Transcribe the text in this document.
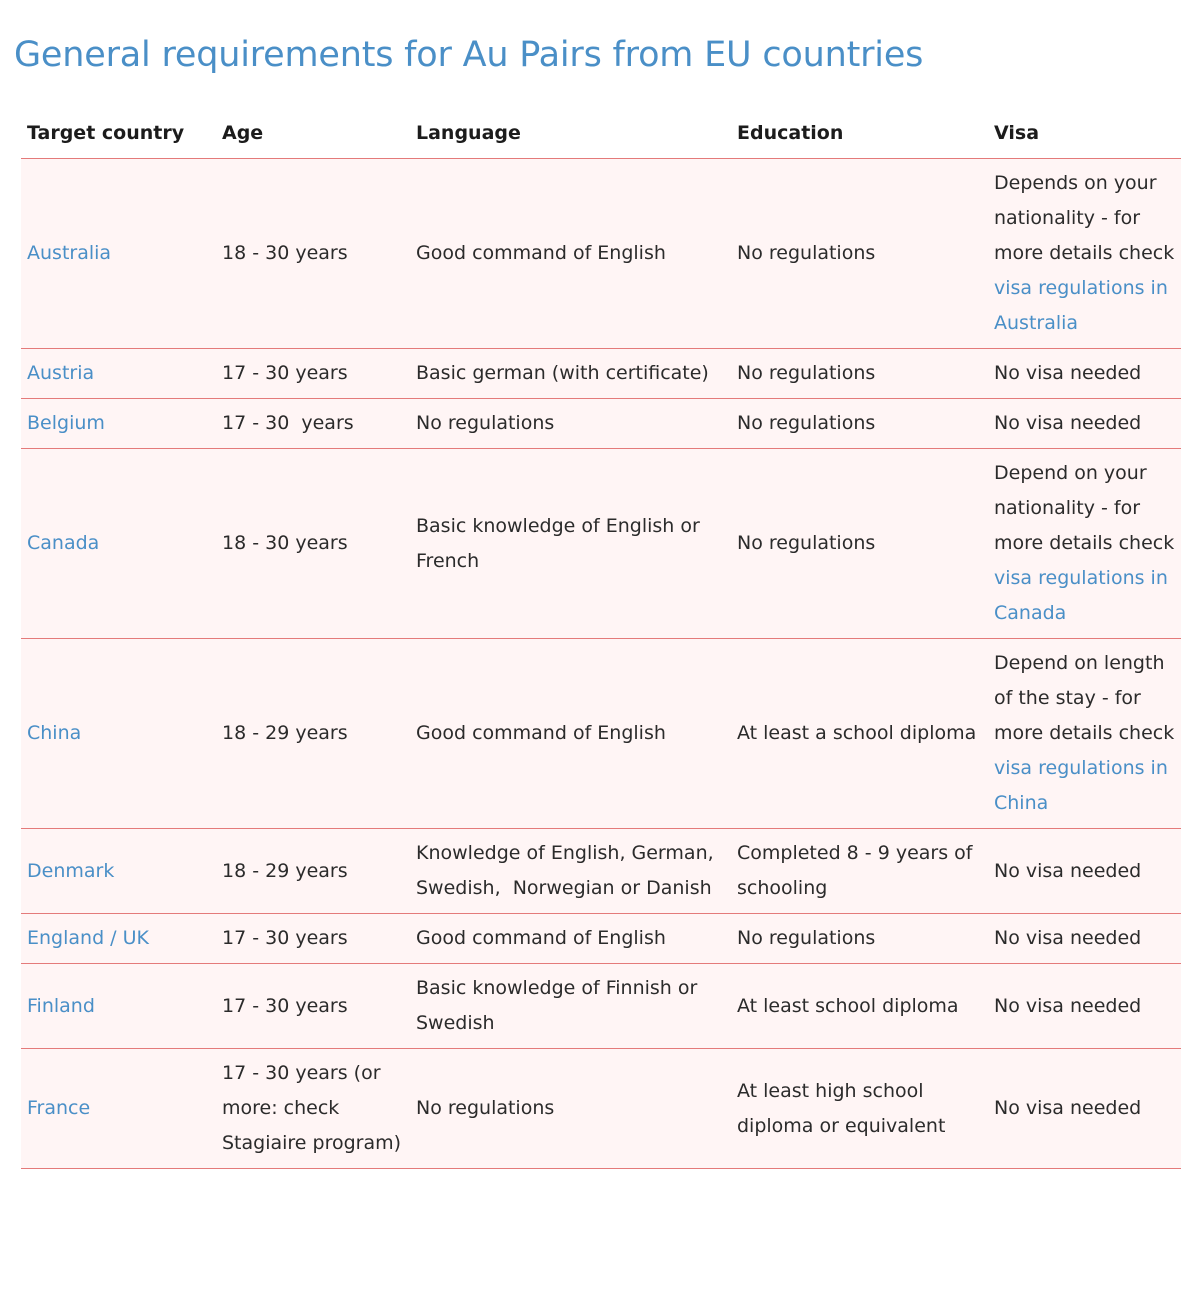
General requirements for Au Pairs from EU countries
Target country	Age	Language	Education	Visa
Australia	18 - 30 years	Good command of English	No regulations	Depends on your nationality - for more details check visa regulations in Australia
Austria	17 - 30 years	Basic german (with certificate)	No regulations	No visa needed
Belgium	17 - 30  years	No regulations	No regulations	No visa needed
Canada	18 - 30 years	Basic knowledge of English or French	No regulations	Depend on your nationality - for more details check visa regulations in Canada
China	18 - 29 years	Good command of English	At least a school diploma	Depend on length of the stay - for more details check visa regulations in China
Denmark	18 - 29 years	Knowledge of English, German, Swedish,  Norwegian or Danish	Completed 8 - 9 years of schooling	No visa needed
England / UK	17 - 30 years	Good command of English	No regulations	No visa needed
Finland	17 - 30 years	Basic knowledge of Finnish or Swedish	At least school diploma	No visa needed
France	17 - 30 years (or more: check Stagiaire program)	No regulations	At least high school diploma or equivalent	No visa needed
